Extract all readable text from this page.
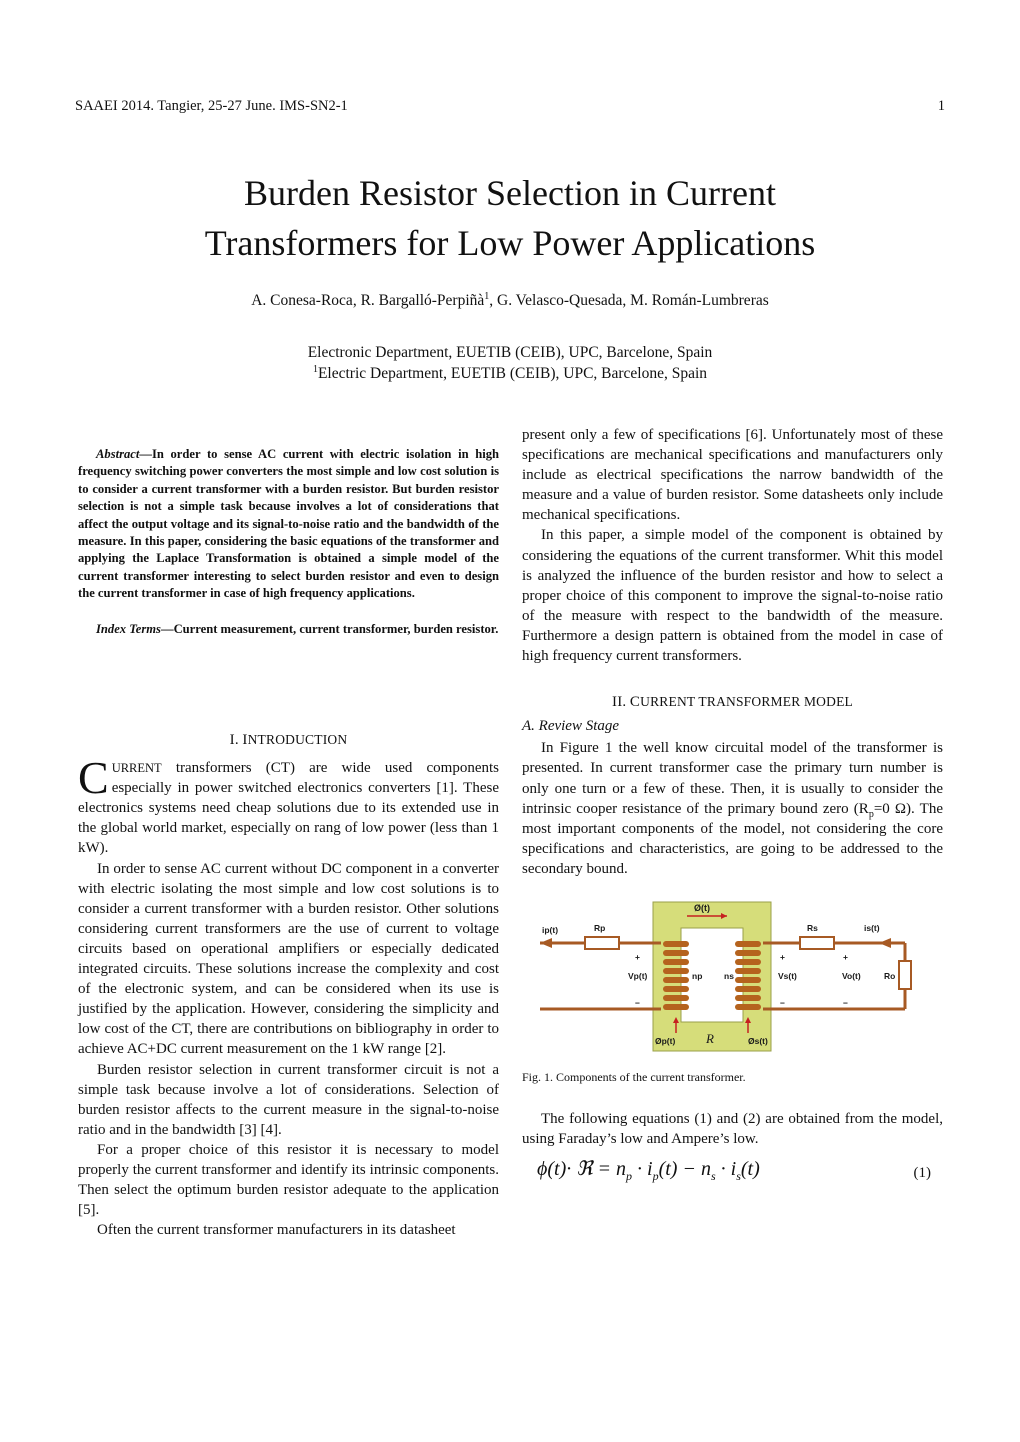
SAAEI 2014. Tangier, 25-27 June. IMS-SN2-1	1
Burden Resistor Selection in Current
Transformers for Low Power Applications
A. Conesa-Roca, R. Bargalló-Perpiñà$^1$, G. Velasco-Quesada, M. Román-Lumbreras
Electronic Department, EUETIB (CEIB), UPC, Barcelone, Spain
$^1$Electric Department, EUETIB (CEIB), UPC, Barcelone, Spain

Abstract—In order to sense AC current with electric isolation in high frequency switching power converters the most simple and low cost solution is to consider a current transformer with a burden resistor. But burden resistor selection is not a simple task because involves a lot of considerations that affect the output voltage and its signal-to-noise ratio and the bandwidth of the measure. In this paper, considering the basic equations of the transformer and applying the Laplace Transformation is obtained a simple model of the current transformer interesting to select burden resistor and even to design the current transformer in case of high frequency applications.

Index Terms—Current measurement, current transformer, burden resistor.

I. INTRODUCTION

CURRENT transformers (CT) are wide used components especially in power switched electronics converters [1]. These electronics systems need cheap solutions due to its extended use in the global world market, especially on rang of low power (less than 1 kW).

In order to sense AC current without DC component in a converter with electric isolating the most simple and low cost solutions is to consider a current transformer with a burden resistor. Other solutions considering current transformers are the use of current to voltage circuits based on operational amplifiers or especially dedicated integrated circuits. These solutions increase the complexity and cost of the electronic system, and can be considered when its use is justified by the application. However, considering the simplicity and low cost of the CT, there are contributions on bibliography in order to achieve AC+DC current measurement on the 1 kW range [2].

Burden resistor selection in current transformer circuit is not a simple task because involve a lot of considerations. Selection of burden resistor affects to the current measure in the signal-to-noise ratio and in the bandwidth [3] [4].

For a proper choice of this resistor it is necessary to model properly the current transformer and identify its intrinsic components. Then select the optimum burden resistor adequate to the application [5].

Often the current transformer manufacturers in its datasheet

present only a few of specifications [6]. Unfortunately most of these specifications are mechanical specifications and manufacturers only include as electrical specifications the narrow bandwidth of the measure and a value of burden resistor. Some datasheets only include mechanical specifications.

In this paper, a simple model of the component is obtained by considering the equations of the current transformer. Whit this model is analyzed the influence of the burden resistor and how to select a proper choice of this component to improve the signal-to-noise ratio of the measure with respect to the bandwidth of the measure. Furthermore a design pattern is obtained from the model in case of high frequency current transformers.

II. CURRENT TRANSFORMER MODEL
A. Review Stage

In Figure 1 the well know circuital model of the transformer is presented. In current transformer case the primary turn number is only one turn or a few of these. Then, it is usually to consider the intrinsic cooper resistance of the primary bound zero ($R_p=0$ Ω). The most important components of the model, not considering the core specifications and characteristics, are going to be addressed to the secondary bound.

Ø(t)
ip(t)	Rp	Rs	is(t)
Vp(t)	np	ns	Vs(t)	Vo(t)	Ro
Øp(t)	Øs(t)
+
−
+
−
+
−
R

Fig. 1. Components of the current transformer.

The following equations (1) and (2) are obtained from the model, using Faraday’s low and Ampere’s low.

ϕ(t)· ℜ = $n_p \cdot i_p(t) - n_s \cdot i_s(t)$	(1)
